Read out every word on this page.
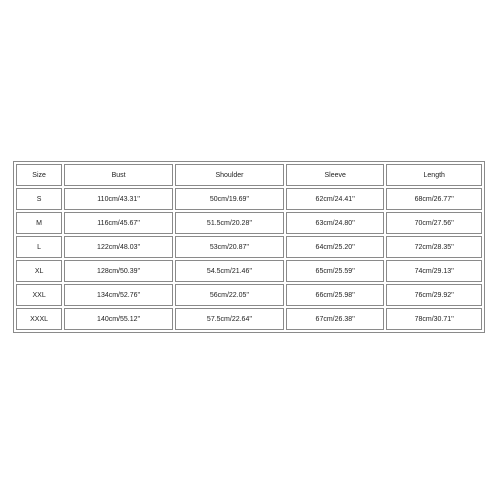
Size	Bust	Shoulder	Sleeve	Length
S	110cm/43.31''	50cm/19.69''	62cm/24.41''	68cm/26.77''
M	116cm/45.67''	51.5cm/20.28''	63cm/24.80''	70cm/27.56''
L	122cm/48.03''	53cm/20.87''	64cm/25.20''	72cm/28.35''
XL	128cm/50.39''	54.5cm/21.46''	65cm/25.59''	74cm/29.13''
XXL	134cm/52.76''	56cm/22.05''	66cm/25.98''	76cm/29.92''
XXXL	140cm/55.12''	57.5cm/22.64''	67cm/26.38''	78cm/30.71''
